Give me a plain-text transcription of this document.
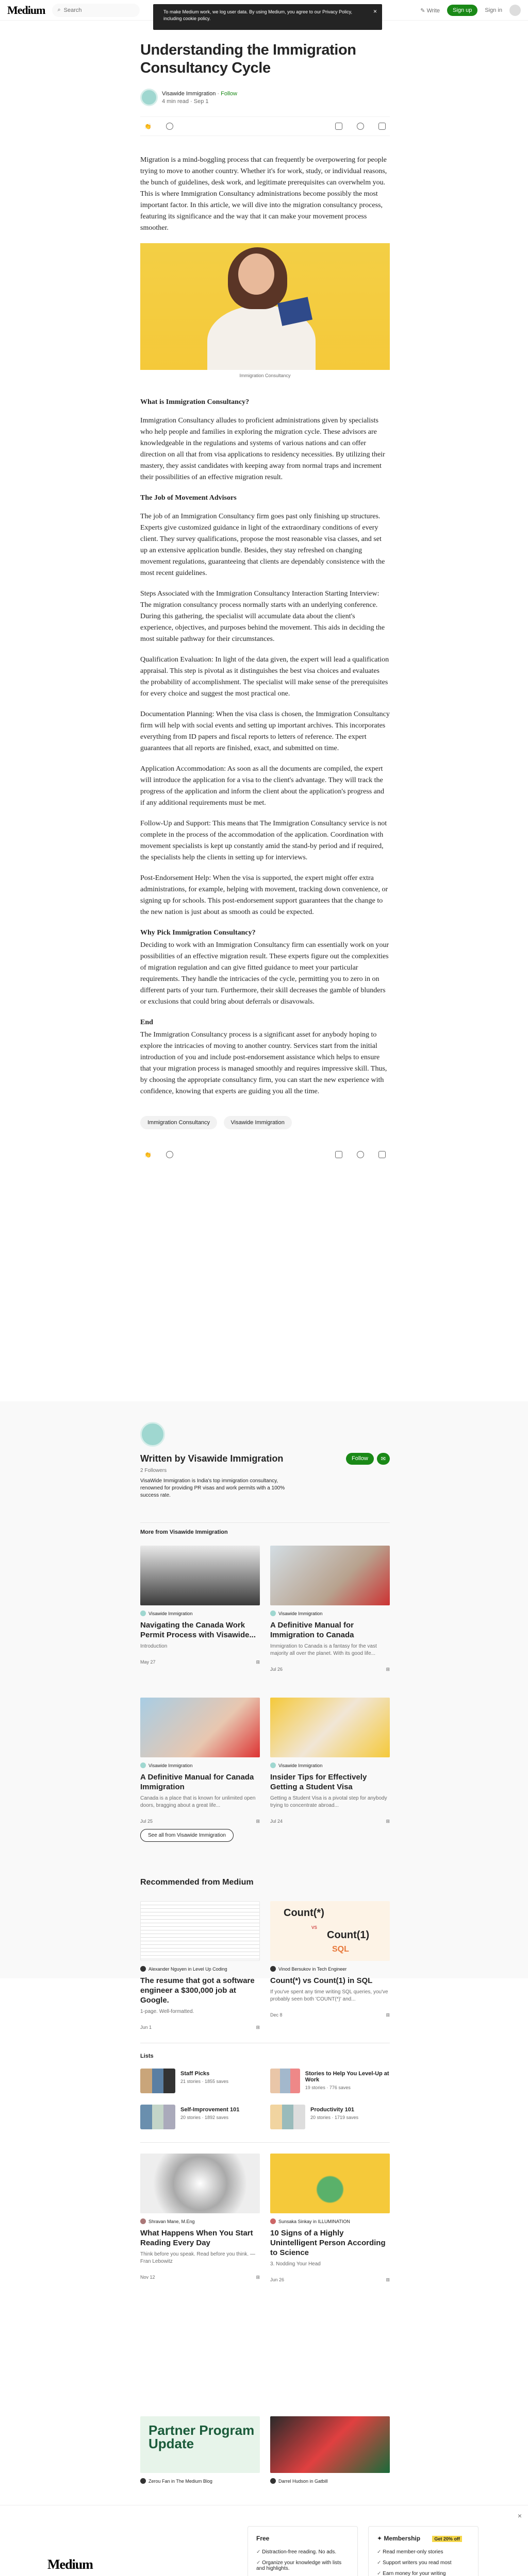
Medium ⌕ Search	✎ Write	Sign up	Sign in
To make Medium work, we log user data. By using Medium, you agree to our Privacy Policy, including cookie policy.
×
Understanding the Immigration Consultancy Cycle
Visawide Immigration · Follow
4 min read · Sep 1
👏

Migration is a mind-boggling process that can frequently be overpowering for people trying to move to another country. Whether it's for work, study, or individual reasons, the bunch of guidelines, desk work, and legitimate prerequisites can overwhelm you. This is where Immigration Consultancy administrations become possibly the most important factor. In this article, we will dive into the migration consultancy process, featuring its significance and the way that it can make your movement process smoother.

Immigration Consultancy
What is Immigration Consultancy?

Immigration Consultancy alludes to proficient administrations given by specialists who help people and families in exploring the migration cycle. These advisors are knowledgeable in the regulations and systems of various nations and can offer direction on all that from visa applications to residency necessities. By utilizing their mastery, they assist candidates with keeping away from normal traps and increment their possibilities of an effective migration result.

The Job of Movement Advisors

The job of an Immigration Consultancy firm goes past only finishing up structures. Experts give customized guidance in light of the extraordinary conditions of every client. They survey qualifications, propose the most reasonable visa classes, and set up an extensive application bundle. Besides, they stay refreshed on changing movement regulations, guaranteeing that clients are dependably consistence with the most recent guidelines.

Steps Associated with the Immigration Consultancy Interaction Starting Interview: The migration consultancy process normally starts with an underlying conference. During this gathering, the specialist will accumulate data about the client's experience, objectives, and purposes behind the movement. This aids in deciding the most suitable pathway for their circumstances.

Qualification Evaluation: In light of the data given, the expert will lead a qualification appraisal. This step is pivotal as it distinguishes the best visa choices and evaluates the probability of accomplishment. The specialist will make sense of the prerequisites for every choice and suggest the most practical one.

Documentation Planning: When the visa class is chosen, the Immigration Consultancy firm will help with social events and setting up important archives. This incorporates everything from ID papers and fiscal reports to letters of reference. The expert guarantees that all reports are finished, exact, and submitted on time.

Application Accommodation: As soon as all the documents are compiled, the expert will introduce the application for a visa to the client's advantage. They will track the progress of the application and inform the client about the application's progress and if any additional requirements must be met.

Follow-Up and Support: This means that The Immigration Consultancy service is not complete in the process of the accommodation of the application. Coordination with movement specialists is kept up constantly amid the stand-by period and if required, the specialists help the clients in setting up for interviews.

Post-Endorsement Help: When the visa is supported, the expert might offer extra administrations, for example, helping with movement, tracking down convenience, or signing up for schools. This post-endorsement support guarantees that the change to the new nation is just about as smooth as could be expected.

Why Pick Immigration Consultancy?

Deciding to work with an Immigration Consultancy firm can essentially work on your possibilities of an effective migration result. These experts figure out the complexities of migration regulation and can give fitted guidance to meet your particular requirements. They handle the intricacies of the cycle, permitting you to zero in on different parts of your turn. Furthermore, their skill decreases the gamble of blunders or exclusions that could bring about deferrals or disavowals.

End

The Immigration Consultancy process is a significant asset for anybody hoping to explore the intricacies of moving to another country. Services start from the initial introduction of you and include post-endorsement assistance which helps to ensure that your migration process is managed smoothly and requires impressive skill. Thus, by choosing the appropriate consultancy firm, you can start the new experience with confidence, knowing that experts are guiding you all the time.

Immigration Consultancy	Visawide Immigration
👏
Written by Visawide Immigration	Follow	✉
2 Followers
VisaWide Immigration is India's top immigration consultancy, renowned for providing PR visas and work permits with a 100% success rate.
More from Visawide Immigration
Visawide Immigration
Navigating the Canada Work Permit Process with Visawide...
Introduction
May 27	⊞
Visawide Immigration
A Definitive Manual for Immigration to Canada
Immigration to Canada is a fantasy for the vast majority all over the planet. With its good life...
Jul 26	⊞
Visawide Immigration
A Definitive Manual for Canada Immigration
Canada is a place that is known for unlimited open doors, bragging about a great life...
Jul 25	⊞
Visawide Immigration
Insider Tips for Effectively Getting a Student Visa
Getting a Student Visa is a pivotal step for anybody trying to concentrate abroad...
Jul 24	⊞
See all from Visawide Immigration
Recommended from Medium
Alexander Nguyen in Level Up Coding
The resume that got a software engineer a $300,000 job at Google.
1-page. Well-formatted.
Jun 1	⊞
Count(*)
vs
Count(1)
SQL
Vinod Bersukov in Tech Engineer
Count(*) vs Count(1) in SQL
If you've spent any time writing SQL queries, you've probably seen both 'COUNT(*)' and...
Dec 8	⊞
Lists
Staff Picks
21 stories · 1855 saves
Stories to Help You Level-Up at Work
19 stories · 776 saves
Self-Improvement 101
20 stories · 1892 saves
Productivity 101
20 stories · 1719 saves
Shravan Mane, M.Eng
What Happens When You Start Reading Every Day
Think before you speak. Read before you think. — Fran Lebowitz
Nov 12	⊞
Sunsaka Sinkay in ILLUMINATION
10 Signs of a Highly Unintelligent Person According to Science
3. Nodding Your Head
Jun 26	⊞
Partner Program Update
Zerou Fan in The Medium Blog	Darrel Hudson in Gatbill
×
Medium
Free
✓ Distraction-free reading. No ads.
✓ Organize your knowledge with lists and highlights.
✦ Membership	Get 20% off
✓ Read member-only stories
✓ Support writers you read most
✓ Earn money for your writing
